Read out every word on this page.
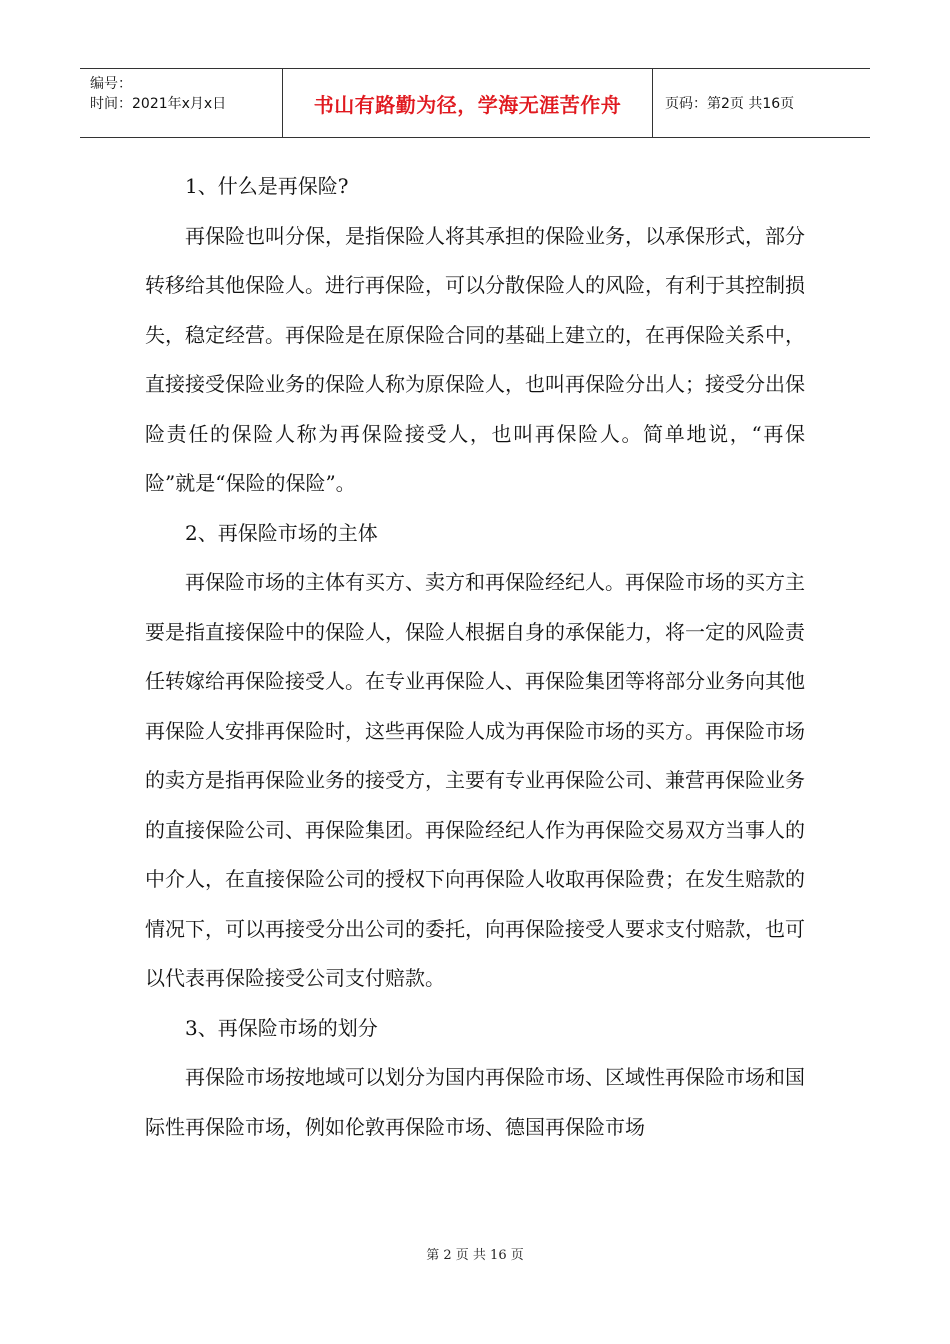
编号：
时间：2021年x月x日	书山有路勤为径，学海无涯苦作舟	页码：第2页 共16页

1、什么是再保险?

再保险也叫分保，是指保险人将其承担的保险业务，以承保形式，部分转移给其他保险人。进行再保险，可以分散保险人的风险，有利于其控制损失，稳定经营。再保险是在原保险合同的基础上建立的，在再保险关系中，直接接受保险业务的保险人称为原保险人，也叫再保险分出人；接受分出保险责任的保险人称为再保险接受人，也叫再保险人。简单地说，“再保险”就是“保险的保险”。

2、再保险市场的主体

再保险市场的主体有买方、卖方和再保险经纪人。再保险市场的买方主要是指直接保险中的保险人，保险人根据自身的承保能力，将一定的风险责任转嫁给再保险接受人。在专业再保险人、再保险集团等将部分业务向其他再保险人安排再保险时，这些再保险人成为再保险市场的买方。再保险市场的卖方是指再保险业务的接受方，主要有专业再保险公司、兼营再保险业务的直接保险公司、再保险集团。再保险经纪人作为再保险交易双方当事人的中介人，在直接保险公司的授权下向再保险人收取再保险费；在发生赔款的情况下，可以再接受分出公司的委托，向再保险接受人要求支付赔款，也可以代表再保险接受公司支付赔款。

3、再保险市场的划分

再保险市场按地域可以划分为国内再保险市场、区域性再保险市场和国际性再保险市场，例如伦敦再保险市场、德国再保险市场

第 2 页 共 16 页
